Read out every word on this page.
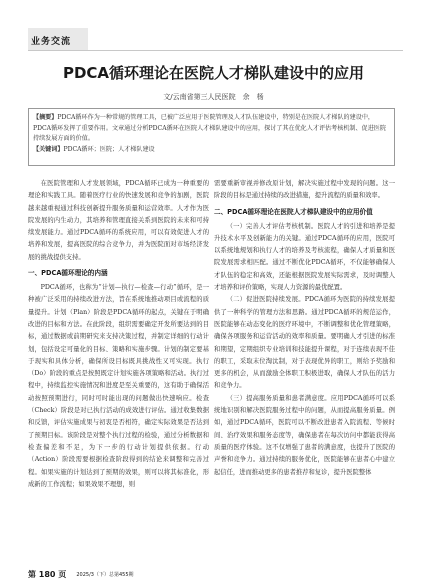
业务交流
PDCA循环理论在医院人才梯队建设中的应用
文/云南省第三人民医院　余　杨
【摘要】PDCA循环作为一种常规的管理工具，已被广泛应用于医院管理及人才队伍建设中，特别是在医院人才梯队的建设中，PDCA循环发挥了重要作用。文章通过分析PDCA循环在医院人才梯队建设中的应用，探讨了其在优化人才评估考核机制、促进医院持续发展方面的价值。
【关键词】PDCA循环；医院；人才梯队建设

在医院管理和人才发展领域，PDCA循环已成为一种重要的理论和实践工具。随着医疗行业的快速发展和竞争的加剧，医院越来越重视通过科技创新提升服务质量和运营效率。人才作为医院发展的内生动力，其培养和管理直接关系到医院的未来和可持续发展能力。通过PDCA循环的系统应用，可以有效促进人才的培养和发展，提高医院的综合竞争力，并为医院面对市场经济发展的挑战提供支持。

一、PDCA循环理论的内涵

PDCA循环，也称为“计划—执行—检查—行动”循环，是一种被广泛采用的持续改进方法，旨在系统地推动项目或流程的质量提升。计划（Plan）阶段是PDCA循环的起点，关键在于明确改进的目标和方法。在此阶段，组织需要确定开发所要达到的目标，通过数据或前期研究来支持决策过程，并制定详细的行动计划，包括设定可量化的目标、策略和实施步骤。计划的制定要基于现实和具体分析，确保所设目标既具挑战性又可实现。执行（Do）阶段的重点是按照既定计划实施各项策略和活动。执行过程中，持续监控实施情况和进度是至关重要的，这有助于确保活动按照预期进行，同时可时能出现的问题做出快速响应。检查（Check）阶段是对已执行活动的成效进行评估。通过收集数据和反馈，评估实施成果与初衷是否相符，确定实际效果是否达到了预期目标。该阶段是对整个执行过程的检验，通过分析数据和检查偏差和不足，为下一步的行动计划提供依据。行动（Action）阶段需要根据检查阶段得到的结论来调整和完善过程。如果实施的计划达到了预期的效果，则可以将其标准化，形成新的工作流程；如果效果不理想，则

需要重新审视并修改原计划，解决实施过程中发现的问题。这一阶段的目标是通过持续的改进措施，提升流程的质量和效率。

二、PDCA循环理论在医院人才梯队建设中的应用价值

（一）完善人才评估考核机制。医院人才的引进和培养是提升技术水平及创新能力的关键。通过PDCA循环的应用，医院可以系统地规划和执行人才的培养及考核流程，确保人才质量和医院发展需求相匹配。通过不断优化PDCA循环，不仅能够确保人才队伍的稳定和高效，还能根据医院发展实际需求，及时调整人才培养和评价策略，实现人力资源的最优配置。

（二）促进医院持续发展。PDCA循环为医院的持续发展提供了一种科学的管理方法和思路。通过PDCA循环的规范运作，医院能够在动态变化的医疗环境中，不断调整和优化管理策略，确保各项服务和运营活动的效率和质量。要明确人才引进的标准和期望，定期组织专业培训和技能提升课程，对于连续表现不佳的职工，采取末位淘汰制，对于表现优异的职工，则给予奖励和更多的机会，从而激励全体职工积极进取，确保人才队伍的活力和竞争力。

（三）提高服务质量和患者满意度。应用PDCA循环可以系统地识别和解决医院服务过程中的问题，从而提高服务质量。例如，通过PDCA循环，医院可以不断改进患者入院流程、等候时间、治疗效果和服务态度等，确保患者在每次访问中都能获得高质量的医疗体验。这不仅增强了患者的满意度，也提升了医院的声誉和竞争力。通过持续的服务优化，医院能够在患者心中建立起信任，进而推动更多的患者推荐和复诊，提升医院整体

第 180 页 2025/3（下）总第455期
